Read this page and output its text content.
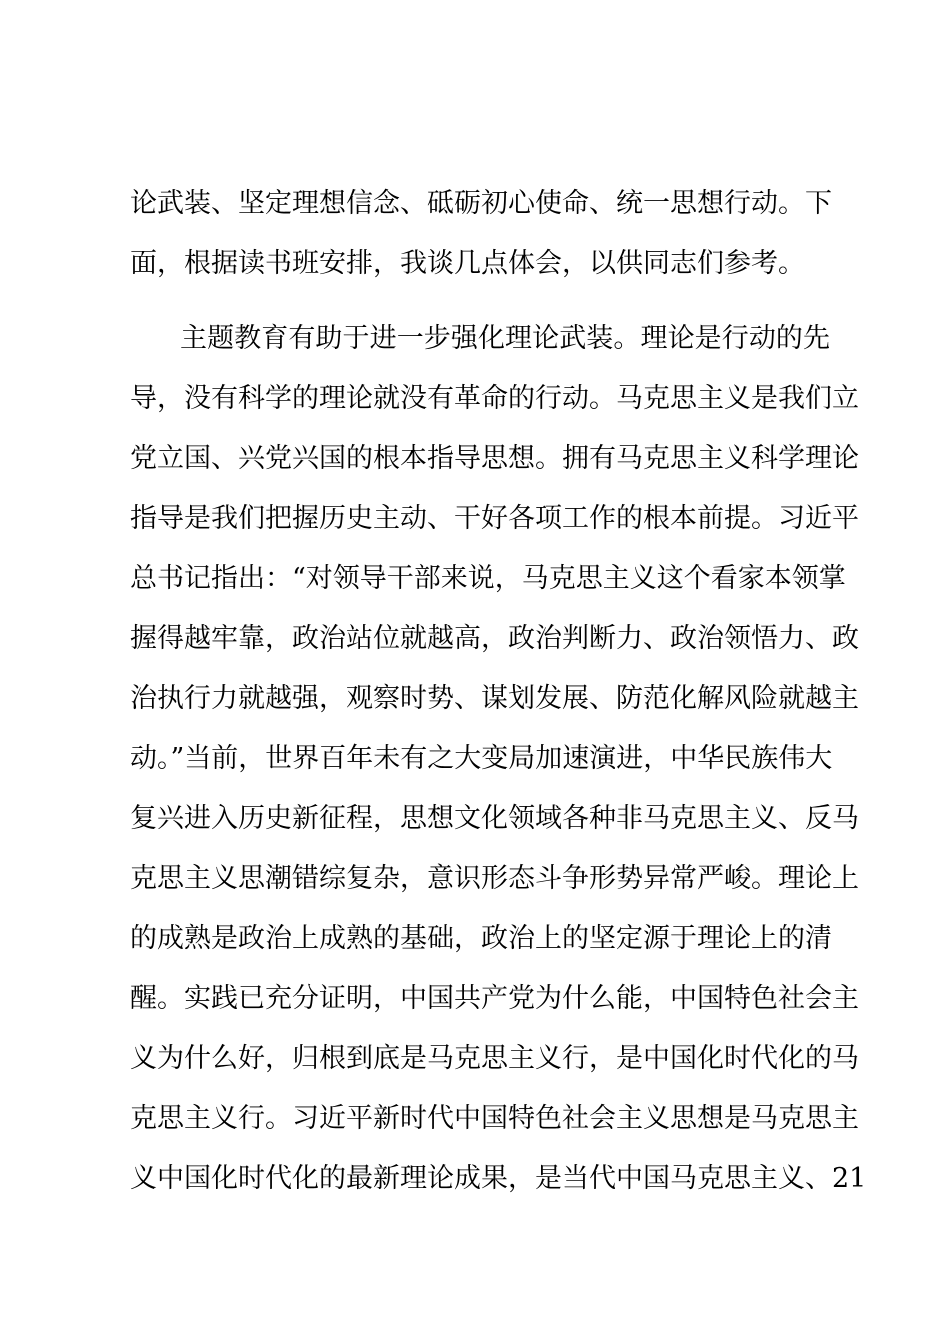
论武装、坚定理想信念、砥砺初心使命、统一思想行动。下
面，根据读书班安排，我谈几点体会，以供同志们参考。
主题教育有助于进一步强化理论武装。理论是行动的先
导，没有科学的理论就没有革命的行动。马克思主义是我们立
党立国、兴党兴国的根本指导思想。拥有马克思主义科学理论
指导是我们把握历史主动、干好各项工作的根本前提。习近平
总书记指出：“对领导干部来说，马克思主义这个看家本领掌
握得越牢靠，政治站位就越高，政治判断力、政治领悟力、政
治执行力就越强，观察时势、谋划发展、防范化解风险就越主
动。”当前，世界百年未有之大变局加速演进，中华民族伟大
复兴进入历史新征程，思想文化领域各种非马克思主义、反马
克思主义思潮错综复杂，意识形态斗争形势异常严峻。理论上
的成熟是政治上成熟的基础，政治上的坚定源于理论上的清
醒。实践已充分证明，中国共产党为什么能，中国特色社会主
义为什么好，归根到底是马克思主义行，是中国化时代化的马
克思主义行。习近平新时代中国特色社会主义思想是马克思主
义中国化时代化的最新理论成果，是当代中国马克思主义、21
